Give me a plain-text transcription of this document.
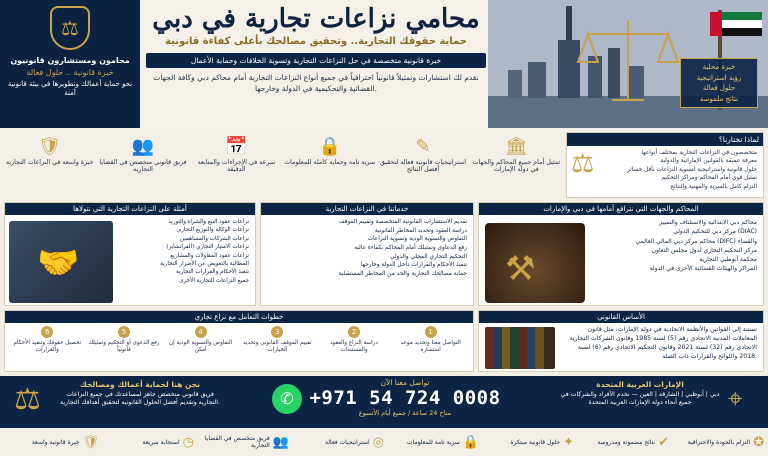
⚖
محامون ومستشارون قانونيون
خبرة قانونية .. حلول فعالة
نحو حماية أعمالك وتطويرها في بيئة قانونية آمنة
محامي نزاعات تجارية في دبي
حماية حقوقك التجارية.. وتحقيق مصالحك بأعلى كفاءة قانونية
خبرة قانونية متخصصة في حل النزاعات التجارية وتسوية الخلافات وحماية الأعمال
نقدم لك استشارات وتمثيلاً قانونياً احترافياً في جميع أنواع النزاعات التجارية أمام محاكم دبي وكافة الجهات القضائية والتحكيمية في الدولة وخارجها.
خبرة محلية
رؤية استراتيجية
حلول فعالة
نتائج ملموسة
🏛
تمثيل أمام جميع المحاكم والجهات في دولة الإمارات
✎
استراتيجيات قانونية فعالة لتحقيق أفضل النتائج
🔒
سرية تامة وحماية كاملة للمعلومات
📅
سرعة في الإجراءات والمتابعة الدقيقة
👥
فريق قانوني متخصص في القضايا التجارية
🛡
خبرة واسعة في النزاعات التجارية
لماذا تختارنا؟
⚖	متخصصون في النزاعات التجارية بمختلف أنواعها
معرفة عميقة بالقوانين الإماراتية والدولية
حلول قانونية واستراتيجية لتسوية النزاعات بأقل خسائر
تمثيل قوي أمام المحاكم ومراكز التحكيم
التزام كامل بالسرية والمهنية والنتائج
أمثلة على النزاعات التجارية التي نتولاها
🤝
نزاعات عقود البيع والشراء والتوريد
نزاعات الوكالة والتوزيع التجاري
نزاعات الشركات والمساهمين
نزاعات الامتياز التجاري (الفرانشايز)
نزاعات عقود المقاولات والمشاريع
المطالبة بالتعويض عن الأضرار التجارية
تنفيذ الأحكام والقرارات التجارية
جميع النزاعات التجارية الأخرى
خدماتنا في النزاعات التجارية
تقديم الاستشارات القانونية المتخصصة وتقييم الموقف
دراسة العقود وتحديد المخاطر القانونية
التفاوض والتسوية الودية وتسوية النزاعات
رفع الدعاوى وتمثيلك أمام المحاكم بكفاءة عالية
التحكيم التجاري المحلي والدولي
تنفيذ الأحكام والقرارات داخل الدولة وخارجها
حماية مصالحك التجارية والحد من المخاطر المستقبلية
المحاكم والجهات التي نترافع أمامها في دبي والإمارات
⚒
محاكم دبي الابتدائية والاستئناف والتمييز
مركز دبي للتحكيم الدولي (DIAC)
محاكم مركز دبي المالي العالمي (DIFC) والقضاء
مركز التحكيم التجاري لدول مجلس التعاون
محكمة أبوظبي التجارية
المراكز والهيئات القضائية الأخرى في الدولة
خطوات التعامل مع نزاع تجاري
1
التواصل معنا وتحديد موعد استشارة
2
دراسة النزاع والعقود والمستندات
3
تقييم الموقف القانوني وتحديد الخيارات
4
التفاوض والتسوية الودية إن أمكن
5
رفع الدعوى أو التحكيم وتمثيلك قانونياً
6
تحصيل حقوقك وتنفيذ الأحكام والقرارات
الأساس القانوني

تستند إلى القوانين والأنظمة الاتحادية في دولة الإمارات، مثل قانون المعاملات المدنية الاتحادي رقم (5) لسنة 1985 وقانون الشركات التجارية الاتحادي رقم (32) لسنة 2021 وقانون التحكيم الاتحادي رقم (6) لسنة 2018 واللوائح والقرارات ذات الصلة.

⚖	نحن هنا لحماية أعمالك ومصالحك
فريق قانوني متخصص جاهز لمساعدتك في جميع النزاعات التجارية وتقديم أفضل الحلول القانونية لتحقيق أهدافك التجارية.	✆
تواصل معنا الآن
+971 54 724 0008
متاح 24 ساعة / جميع أيام الأسبوع
الإمارات العربية المتحدة
دبي | أبوظبي | الشارقة | العين — نخدم الأفراد والشركات في جميع أنحاء دولة الإمارات العربية المتحدة	⌖
✪
التزام بالجودة والاحترافية
✔
نتائج مضمونة ومدروسة
✦
حلول قانونية مبتكرة
🔒
سرية تامة للمعلومات
◎
استراتيجيات فعالة
👥
فريق متخصص في القضايا التجارية
◷
استجابة سريعة
🛡
خبرة قانونية واسعة
